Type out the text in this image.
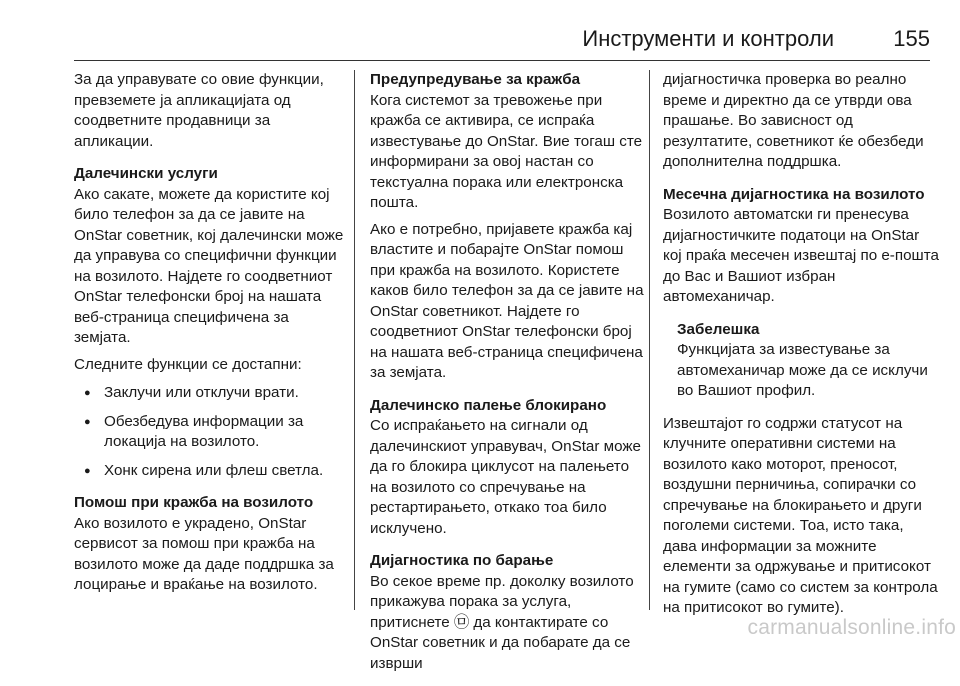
Инструменти и контроли	155

За да управувате со овие функции, превземете ја апликацијата од соодветните продавници за апликации.

Далечински услуги

Ако сакате, можете да користите кој било телефон за да се јавите на OnStar советник, кој далечински може да управува со специфични функции на возилото. Најдете го соодветниот OnStar телефонски број на нашата веб-страница специфичена за земјата.

Следните функции се достапни:

● Заклучи или отклучи врати.
● Обезбедува информации за локација на возилото.
● Хонк сирена или флеш светла.
Помош при кражба на возилото

Ако возилото е украдено, OnStar сервисот за помош при кражба на возилото може да даде поддршка за лоцирање и враќање на возилото.

Предупредување за кражба

Кога системот за тревожење при кражба се активира, се испраќа известување до OnStar. Вие тогаш сте информирани за овој настан со текстуална порака или електронска пошта.

Ако е потребно, пријавете кражба кај властите и побарајте OnStar помош при кражба на возилото. Користете каков било телефон за да се јавите на OnStar советникот. Најдете го соодветниот OnStar телефонски број на нашата веб-страница специфичена за земјата.

Далечинско палење блокирано

Со испраќањето на сигнали од далечинскиот управувач, OnStar може да го блокира циклусот на палењето на возилото со спречување на рестартирањето, откако тоа било исклучено.

Дијагностика по барање

Во секое време пр. доколку возилото прикажува порака за услуга, притиснете ㉤ да контактирате со OnStar советник и да побарате да се изврши

дијагностичка проверка во реално време и директно да се утврди ова прашање. Во зависност од резултатите, советникот ќе обезбеди дополнителна поддршка.

Месечна дијагностика на возилото

Возилото автоматски ги пренесува дијагностичките податоци на OnStar кој праќа месечен извештај по е-пошта до Вас и Вашиот избран автомеханичар.

Забелешка

Функцијата за известување за автомеханичар може да се исклучи во Вашиот профил.

Извештајот го содржи статусот на клучните оперативни системи на возилото како моторот, преносот, воздушни перничиња, сопирачки со спречување на блокирањето и други поголеми системи. Тоа, исто така, дава информации за можните елементи за одржување и притисокот на гумите (само со систем за контрола на притисокот во гумите).

carmanualsonline.info
